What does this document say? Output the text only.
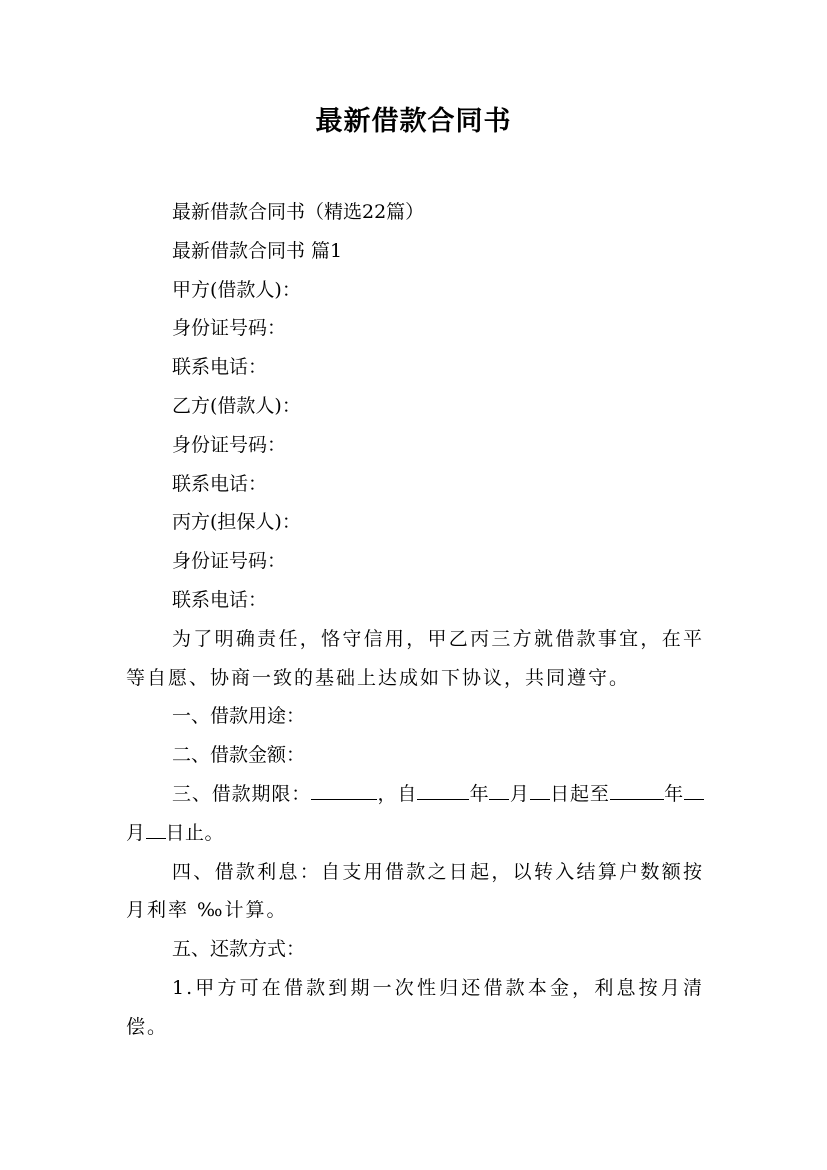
最新借款合同书

最新借款合同书（精选22篇）

最新借款合同书 篇1

甲方(借款人)：

身份证号码：

联系电话：

乙方(借款人)：

身份证号码：

联系电话：

丙方(担保人)：

身份证号码：

联系电话：

为了明确责任，恪守信用，甲乙丙三方就借款事宜，在平等自愿、协商一致的基础上达成如下协议，共同遵守。

一、借款用途：

二、借款金额：

三、借款期限：	，自	年 月 日起至	年月 日止。

四、借款利息：自支用借款之日起，以转入结算户数额按月利率 ‰计算。

五、还款方式：

1.甲方可在借款到期一次性归还借款本金，利息按月清偿。
